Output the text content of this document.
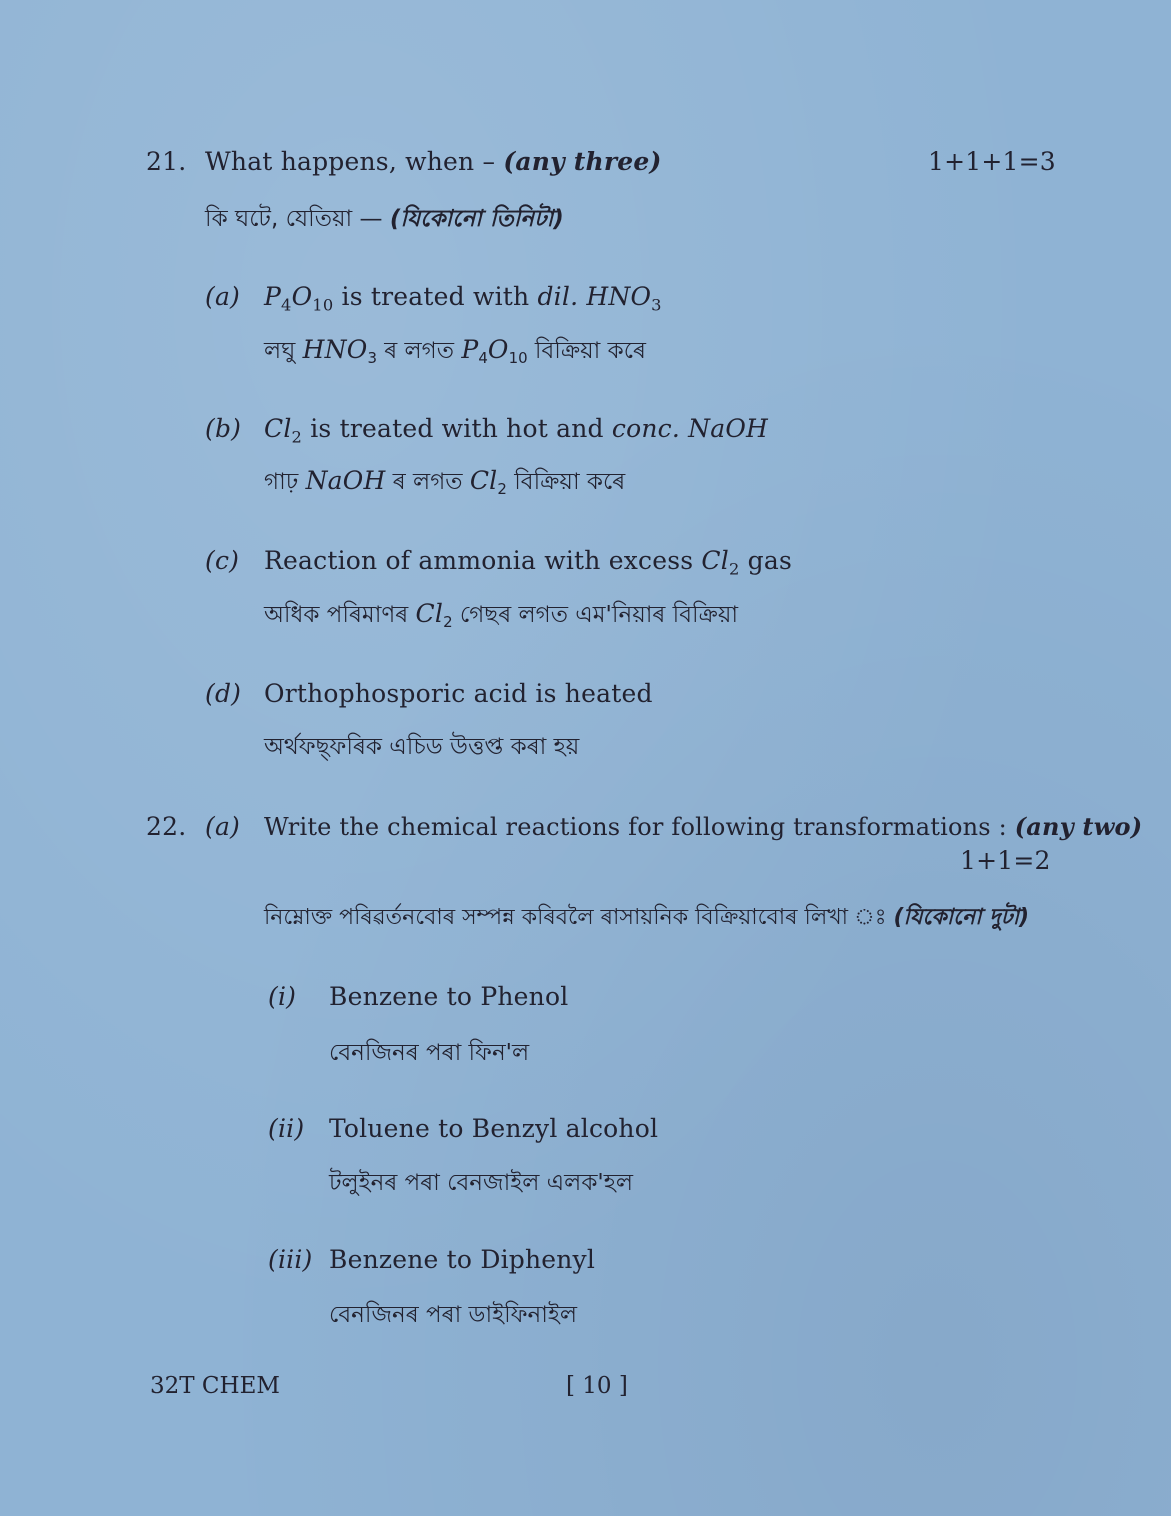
21. What happens, when – (any three)	1+1+1=3
কি ঘটে, যেতিয়া — (যিকোনো তিনিটা)
(a) $P_4O_{10}$ is treated with dil. $HNO_3$
লঘু $HNO_3$ ৰ লগত $P_4O_{10}$ বিক্ৰিয়া কৰে
(b) $Cl_2$ is treated with hot and conc. NaOH
গাঢ় NaOH ৰ লগত $Cl_2$ বিক্ৰিয়া কৰে
(c) Reaction of ammonia with excess $Cl_2$ gas
অধিক পৰিমাণৰ $Cl_2$ গেছৰ লগত এম'নিয়াৰ বিক্ৰিয়া
(d) Orthophosporic acid is heated
অৰ্থফছ্‌ফৰিক এচিড উত্তপ্ত কৰা হয়
22. (a) Write the chemical reactions for following transformations : (any two)
1+1=2
নিম্নোক্ত পৰিৱৰ্তনবোৰ সম্পন্ন কৰিবলৈ ৰাসায়নিক বিক্ৰিয়াবোৰ লিখা ঃ (যিকোনো দুটা)
(i) Benzene to Phenol
বেনজিনৰ পৰা ফিন'ল
(ii) Toluene to Benzyl alcohol
টলুইনৰ পৰা বেনজাইল এলক'হল
(iii) Benzene to Diphenyl
বেনজিনৰ পৰা ডাইফিনাইল
32T CHEM	[ 10 ]
